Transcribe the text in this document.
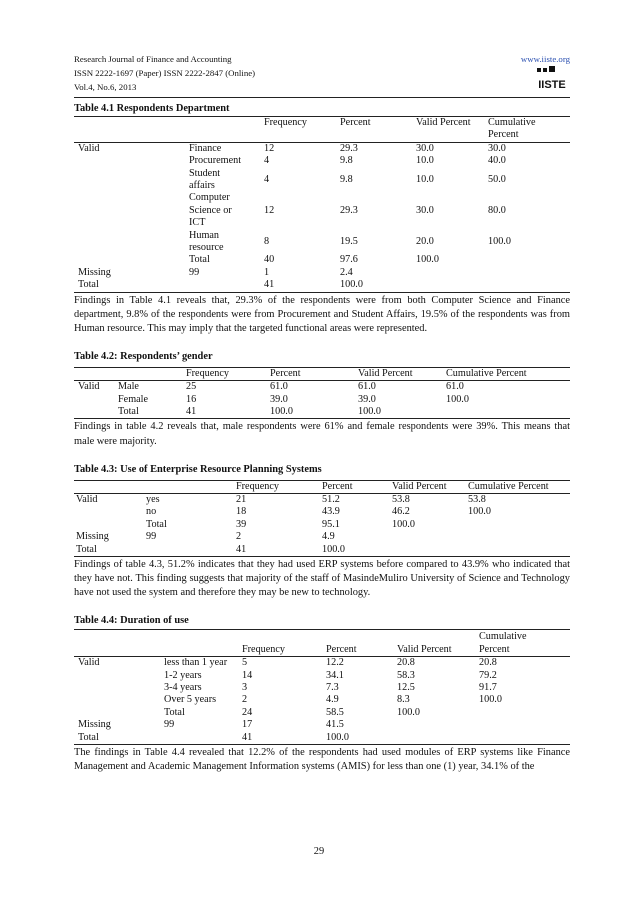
Research Journal of Finance and Accounting
ISSN 2222-1697 (Paper) ISSN 2222-2847 (Online)
Vol.4, No.6, 2013
www.iiste.org
IISTE
Table 4.1 Respondents Department
		Frequency	Percent	Valid Percent	Cumulative Percent
Valid	Finance	12	29.3	30.0	30.0
	Procurement	4	9.8	10.0	40.0
	Student affairs	4	9.8	10.0	50.0
	Computer Science or ICT	12	29.3	30.0	80.0
	Human resource	8	19.5	20.0	100.0
	Total	40	97.6	100.0	
Missing	99	1	2.4		
Total		41	100.0		

Findings in Table 4.1 reveals that, 29.3% of the respondents were from both Computer Science and Finance department, 9.8% of the respondents were from Procurement and Student Affairs, 19.5% of the respondents was from Human resource. This may imply that the targeted functional areas were represented.

Table 4.2: Respondents’ gender
		Frequency	Percent	Valid Percent	Cumulative Percent
Valid	Male	25	61.0	61.0	61.0
	Female	16	39.0	39.0	100.0
	Total	41	100.0	100.0	

Findings in table 4.2 reveals that, male respondents were 61% and female respondents were 39%. This means that male were majority.

Table 4.3: Use of Enterprise Resource Planning Systems
		Frequency	Percent	Valid Percent	Cumulative Percent
Valid	yes	21	51.2	53.8	53.8
	no	18	43.9	46.2	100.0
	Total	39	95.1	100.0	
Missing	99	2	4.9		
Total		41	100.0		

Findings of table 4.3, 51.2% indicates that they had used ERP systems before compared to 43.9% who indicated that they have not. This finding suggests that majority of the staff of MasindeMuliro University of Science and Technology have not used the system and therefore they may be new to technology.

Table 4.4: Duration of use
		Frequency	Percent	Valid Percent	Cumulative Percent
Valid	less than 1 year	5	12.2	20.8	20.8
	1-2 years	14	34.1	58.3	79.2
	3-4 years	3	7.3	12.5	91.7
	Over 5 years	2	4.9	8.3	100.0
	Total	24	58.5	100.0	
Missing	99	17	41.5		
Total		41	100.0		

The findings in Table 4.4 revealed that 12.2% of the respondents had used modules of ERP systems like Finance Management and Academic Management Information systems (AMIS) for less than one (1) year, 34.1% of the

29
